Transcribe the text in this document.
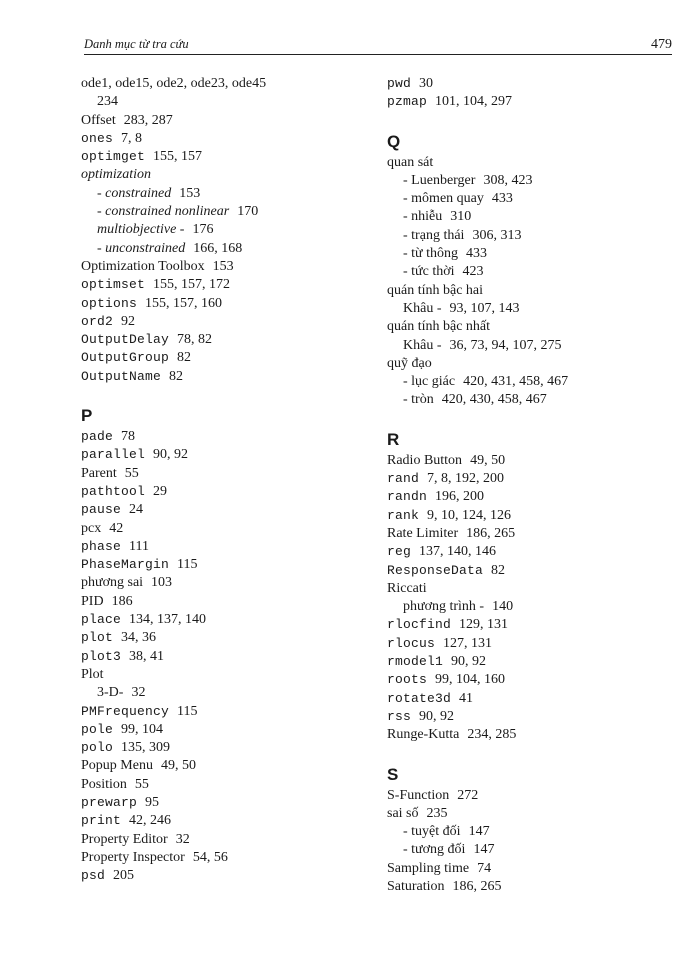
Danh mục từ tra cứu	479
ode1, ode15, ode2, ode23, ode45
234
Offset 283, 287
ones 7, 8
optimget 155, 157
optimization
- constrained 153
- constrained nonlinear 170
multiobjective - 176
- unconstrained 166, 168
Optimization Toolbox 153
optimset 155, 157, 172
options 155, 157, 160
ord2 92
OutputDelay 78, 82
OutputGroup 82
OutputName 82
P
pade 78
parallel 90, 92
Parent 55
pathtool 29
pause 24
pcx 42
phase 111
PhaseMargin 115
phương sai 103
PID 186
place 134, 137, 140
plot 34, 36
plot3 38, 41
Plot
3-D- 32
PMFrequency 115
pole 99, 104
polo 135, 309
Popup Menu 49, 50
Position 55
prewarp 95
print 42, 246
Property Editor 32
Property Inspector 54, 56
psd 205
pwd 30
pzmap 101, 104, 297
Q
quan sát
- Luenberger 308, 423
- mômen quay 433
- nhiễu 310
- trạng thái 306, 313
- từ thông 433
- tức thời 423
quán tính bậc hai
Khâu - 93, 107, 143
quán tính bậc nhất
Khâu - 36, 73, 94, 107, 275
quỹ đạo
- lục giác 420, 431, 458, 467
- tròn 420, 430, 458, 467
R
Radio Button 49, 50
rand 7, 8, 192, 200
randn 196, 200
rank 9, 10, 124, 126
Rate Limiter 186, 265
reg 137, 140, 146
ResponseData 82
Riccati
phương trình - 140
rlocfind 129, 131
rlocus 127, 131
rmodel1 90, 92
roots 99, 104, 160
rotate3d 41
rss 90, 92
Runge-Kutta 234, 285
S
S-Function 272
sai số 235
- tuyệt đối 147
- tương đối 147
Sampling time 74
Saturation 186, 265
